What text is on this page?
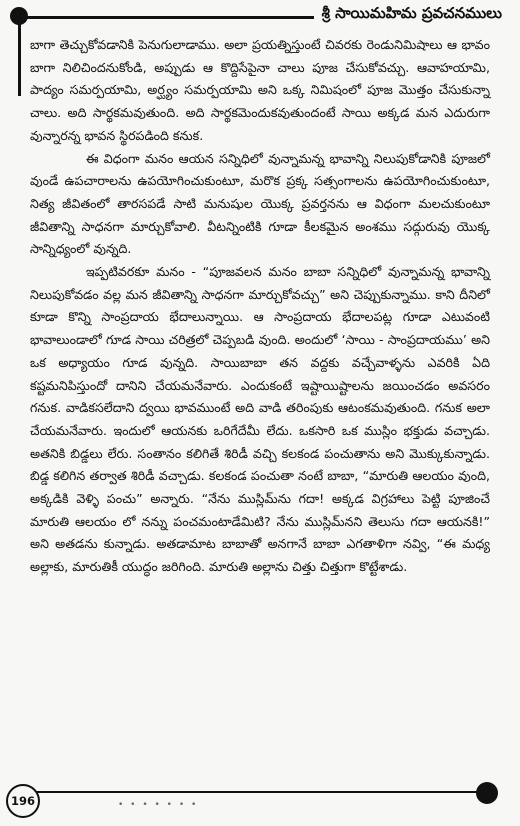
శ్రీ సాయిమహిమ ప్రవచనములు

బాగా తెచ్చుకోవడానికి పెనుగులాడాము. అలా ప్రయత్నిస్తుంటే చివరకు రెండునిమిషాలు ఆ భావం బాగా నిలిచిందనుకోండి, అప్పుడు ఆ కొద్దిసేపైనా చాలు పూజ చేసుకోవచ్చు. ఆవాహయామి, పాద్యం సమర్పయామి, అర్ఘ్యం సమర్పయామి అని ఒక్క నిమిషంలో పూజ మొత్తం చేసుకున్నా చాలు. అది సార్థకమవుతుంది. అది సార్థకమెందుకవుతుందంటే సాయి అక్కడ మన ఎదురుగా వున్నారన్న భావన స్థిరపడింది కనుక.

ఈ విధంగా మనం ఆయన సన్నిధిలో వున్నామన్న భావాన్ని నిలుపుకోడానికి పూజలో వుండే ఉపచారాలను ఉపయోగించుకుంటూ, మరొక ప్రక్క సత్సంగాలను ఉపయోగించుకుంటూ, నిత్య జీవితంలో తారసపడే సాటి మనుషుల యొక్క ప్రవర్తనను ఆ విధంగా మలచుకుంటూ జీవితాన్ని సాధనగా మార్చుకోవాలి. వీటన్నింటికి గూడా కీలకమైన అంశము సద్గురువు యొక్క సాన్నిధ్యంలో వున్నది.

ఇప్పటివరకూ మనం - “పూజవలన మనం బాబా సన్నిధిలో వున్నామన్న భావాన్ని నిలుపుకోవడం వల్ల మన జీవితాన్ని సాధనగా మార్చుకోవచ్చు” అని చెప్పుకున్నాము. కాని దీనిలో కూడా కొన్ని సాంప్రదాయ భేదాలున్నాయి. ఆ సాంప్రదాయ భేదాలపట్ల గూడా ఎటువంటి భావాలుండాలో గూడ సాయి చరిత్రలో చెప్పబడి వుంది. అందులో ‘సాయి - సాంప్రదాయము’ అని ఒక అధ్యాయం గూడ వున్నది. సాయిబాబా తన వద్దకు వచ్చేవాళ్ళను ఎవరికి ఏది కష్టమనిపిస్తుందో దానిని చేయమనేవారు. ఎందుకంటే ఇష్టాయిష్టాలను జయించడం అవసరం గనుక. వాడికసలేదాని ద్వయి భావముంటే అది వాడి తరింపుకు ఆటంకమవుతుంది. గనుక అలా చేయమనేవారు. ఇందులో ఆయనకు ఒరిగేదేమీ లేదు. ఒకసారి ఒక ముస్లిం భక్తుడు వచ్చాడు. అతనికి బిడ్డలు లేరు. సంతానం కలిగితే శిరిడీ వచ్చి కలకండ పంచుతాను అని మొక్కుకున్నాడు. బిడ్డ కలిగిన తర్వాత శిరిడీ వచ్చాడు. కలకండ పంచుతా నంటే బాబా, “మారుతి ఆలయం వుంది, అక్కడికి వెళ్ళి పంచు” అన్నారు. “నేను ముస్లిమ్‌ను గదా! అక్కడ విగ్రహాలు పెట్టి పూజించే మారుతి ఆలయం లో నన్ను పంచమంటాడేమిటి? నేను ముస్లిమ్‌నని తెలుసు గదా ఆయనకి!” అని అతడను కున్నాడు. అతడామాట బాబాతో అనగానే బాబా ఎగతాళిగా నవ్వి, “ఈ మధ్య అల్లాకు, మారుతికీ యుద్ధం జరిగింది. మారుతి అల్లాను చిత్తు చిత్తుగా కొట్టేశాడు.

196	• • • • • • •
